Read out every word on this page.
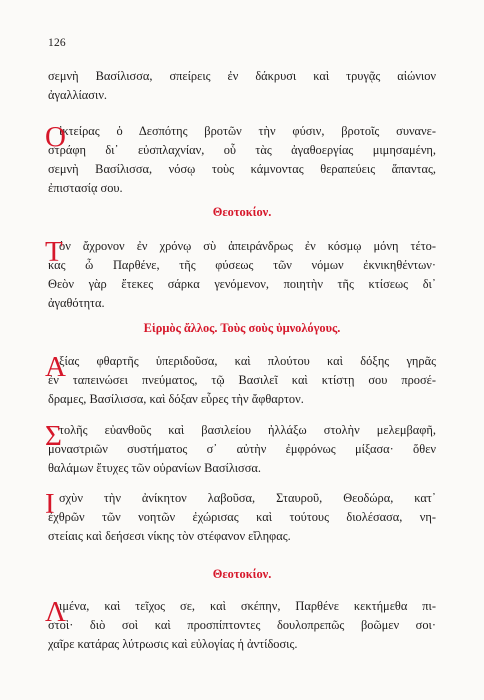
126
σεμνὴ Βασίλισσα, σπείρεις ἐν δάκρυσι καὶ τρυγᾷς αἰώνιον
ἀγαλλίασιν.
Ο
ἰκτείρας ὁ Δεσπότης βροτῶν τὴν φύσιν, βροτοῖς συνανε-
στράφη δι᾽ εὐσπλαχνίαν, οὗ τὰς ἀγαθοεργίας μιμησαμένη,
σεμνὴ Βασίλισσα, νόσῳ τοὺς κάμνοντας θεραπεύεις ἅπαντας,
ἐπιστασίᾳ σου.
Θεοτοκίον.
Τ
ὸν ἄχρονον ἐν χρόνῳ σὺ ἀπειράνδρως ἐν κόσμῳ μόνη τέτο-
κας ὦ Παρθένε, τῆς φύσεως τῶν νόμων ἐκνικηθέντων·
Θεὸν γὰρ ἔτεκες σάρκα γενόμενον, ποιητὴν τῆς κτίσεως δι᾽
ἀγαθότητα.
Εἱρμὸς ἄλλος. Τοὺς σοὺς ὑμνολόγους.
Α
ξίας φθαρτῆς ὑπεριδοῦσα, καὶ πλούτου καὶ δόξης γηρᾶς
ἐν ταπεινώσει πνεύματος, τῷ Βασιλεῖ καὶ κτίστῃ σου προσέ-
δραμες, Βασίλισσα, καὶ δόξαν εὗρες τὴν ἄφθαρτον.
Σ
τολῆς εὐανθοῦς καὶ βασιλείου ἠλλάξω στολὴν μελεμβαφῆ,
μοναστριῶν συστήματος σ᾽ αὐτὴν ἐμφρόνως μίξασα· ὅθεν
θαλάμων ἔτυχες τῶν οὐρανίων Βασίλισσα.
Ι σχὺν τὴν ἀνίκητον λαβοῦσα, Σταυροῦ, Θεοδώρα, κατ᾽
ἐχθρῶν τῶν νοητῶν ἐχώρισας καὶ τούτους διολέσασα, νη-
στείαις καὶ δεήσεσι νίκης τὸν στέφανον εἴληφας.
Θεοτοκίον.
Λ
ιμένα, καὶ τεῖχος σε, καὶ σκέπην, Παρθένε κεκτήμεθα πι-
στοὶ· διὸ σοὶ καὶ προσπίπτοντες δουλοπρεπῶς βοῶμεν σοι·
χαῖρε κατάρας λύτρωσις καὶ εὐλογίας ἡ ἀντίδοσις.
